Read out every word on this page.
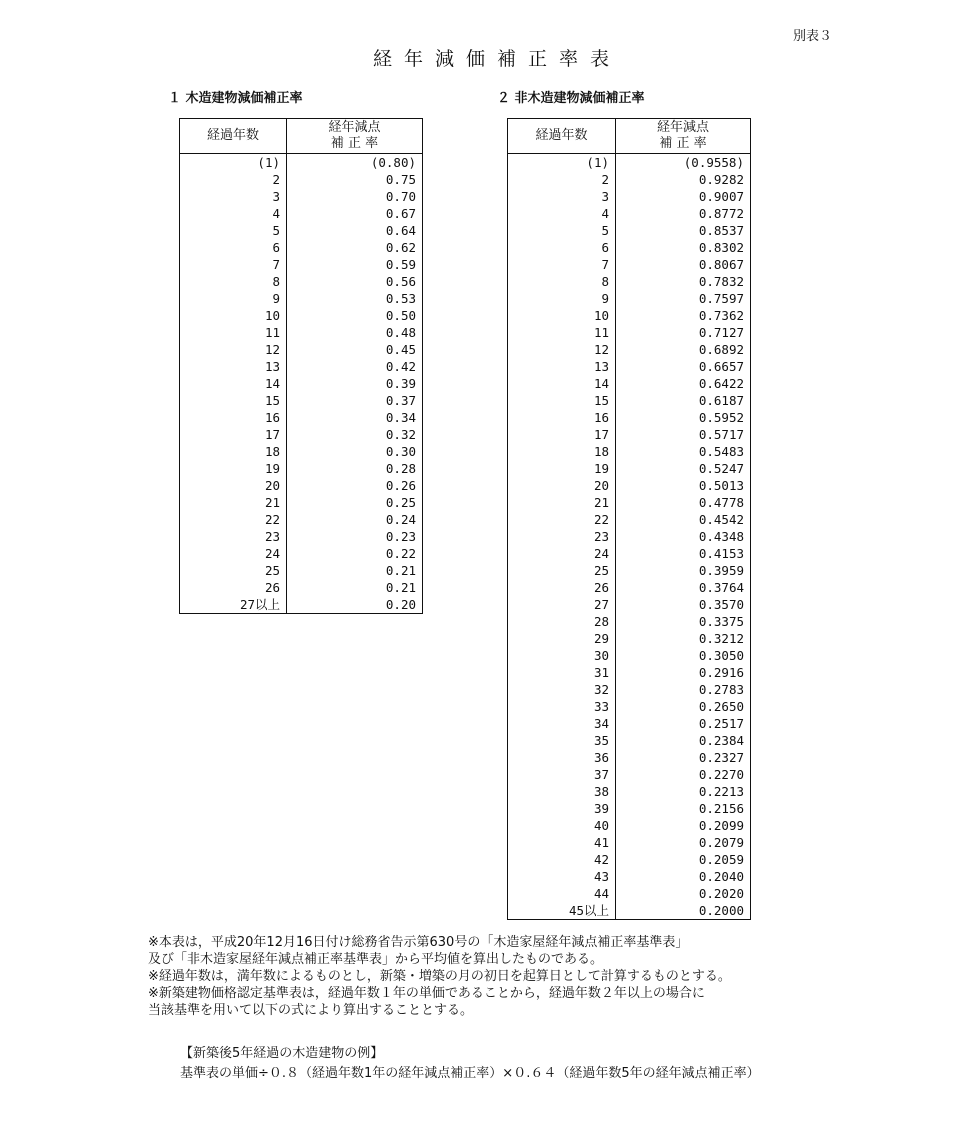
別表３
経年減価補正率表
１ 木造建物減価補正率	２ 非木造建物減価補正率
経過年数	経年減点
補 正 率

(1)	(0.80)
2	0.75
3	0.70
4	0.67
5	0.64
6	0.62
7	0.59
8	0.56
9	0.53
10	0.50
11	0.48
12	0.45
13	0.42
14	0.39
15	0.37
16	0.34
17	0.32
18	0.30
19	0.28
20	0.26
21	0.25
22	0.24
23	0.23
24	0.22
25	0.21
26	0.21
27以上	0.20
経過年数	経年減点
補 正 率

(1)	(0.9558)
2	0.9282
3	0.9007
4	0.8772
5	0.8537
6	0.8302
7	0.8067
8	0.7832
9	0.7597
10	0.7362
11	0.7127
12	0.6892
13	0.6657
14	0.6422
15	0.6187
16	0.5952
17	0.5717
18	0.5483
19	0.5247
20	0.5013
21	0.4778
22	0.4542
23	0.4348
24	0.4153
25	0.3959
26	0.3764
27	0.3570
28	0.3375
29	0.3212
30	0.3050
31	0.2916
32	0.2783
33	0.2650
34	0.2517
35	0.2384
36	0.2327
37	0.2270
38	0.2213
39	0.2156
40	0.2099
41	0.2079
42	0.2059
43	0.2040
44	0.2020
45以上	0.2000

※本表は，平成20年12月16日付け総務省告示第630号の「木造家屋経年減点補正率基準表」

及び「非木造家屋経年減点補正率基準表」から平均値を算出したものである。

※経過年数は，満年数によるものとし，新築・増築の月の初日を起算日として計算するものとする。

※新築建物価格認定基準表は，経過年数１年の単価であることから，経過年数２年以上の場合に

当該基準を用いて以下の式により算出することとする。

【新築後5年経過の木造建物の例】
基準表の単価÷０.８（経過年数1年の経年減点補正率）×０.６４（経過年数5年の経年減点補正率）
